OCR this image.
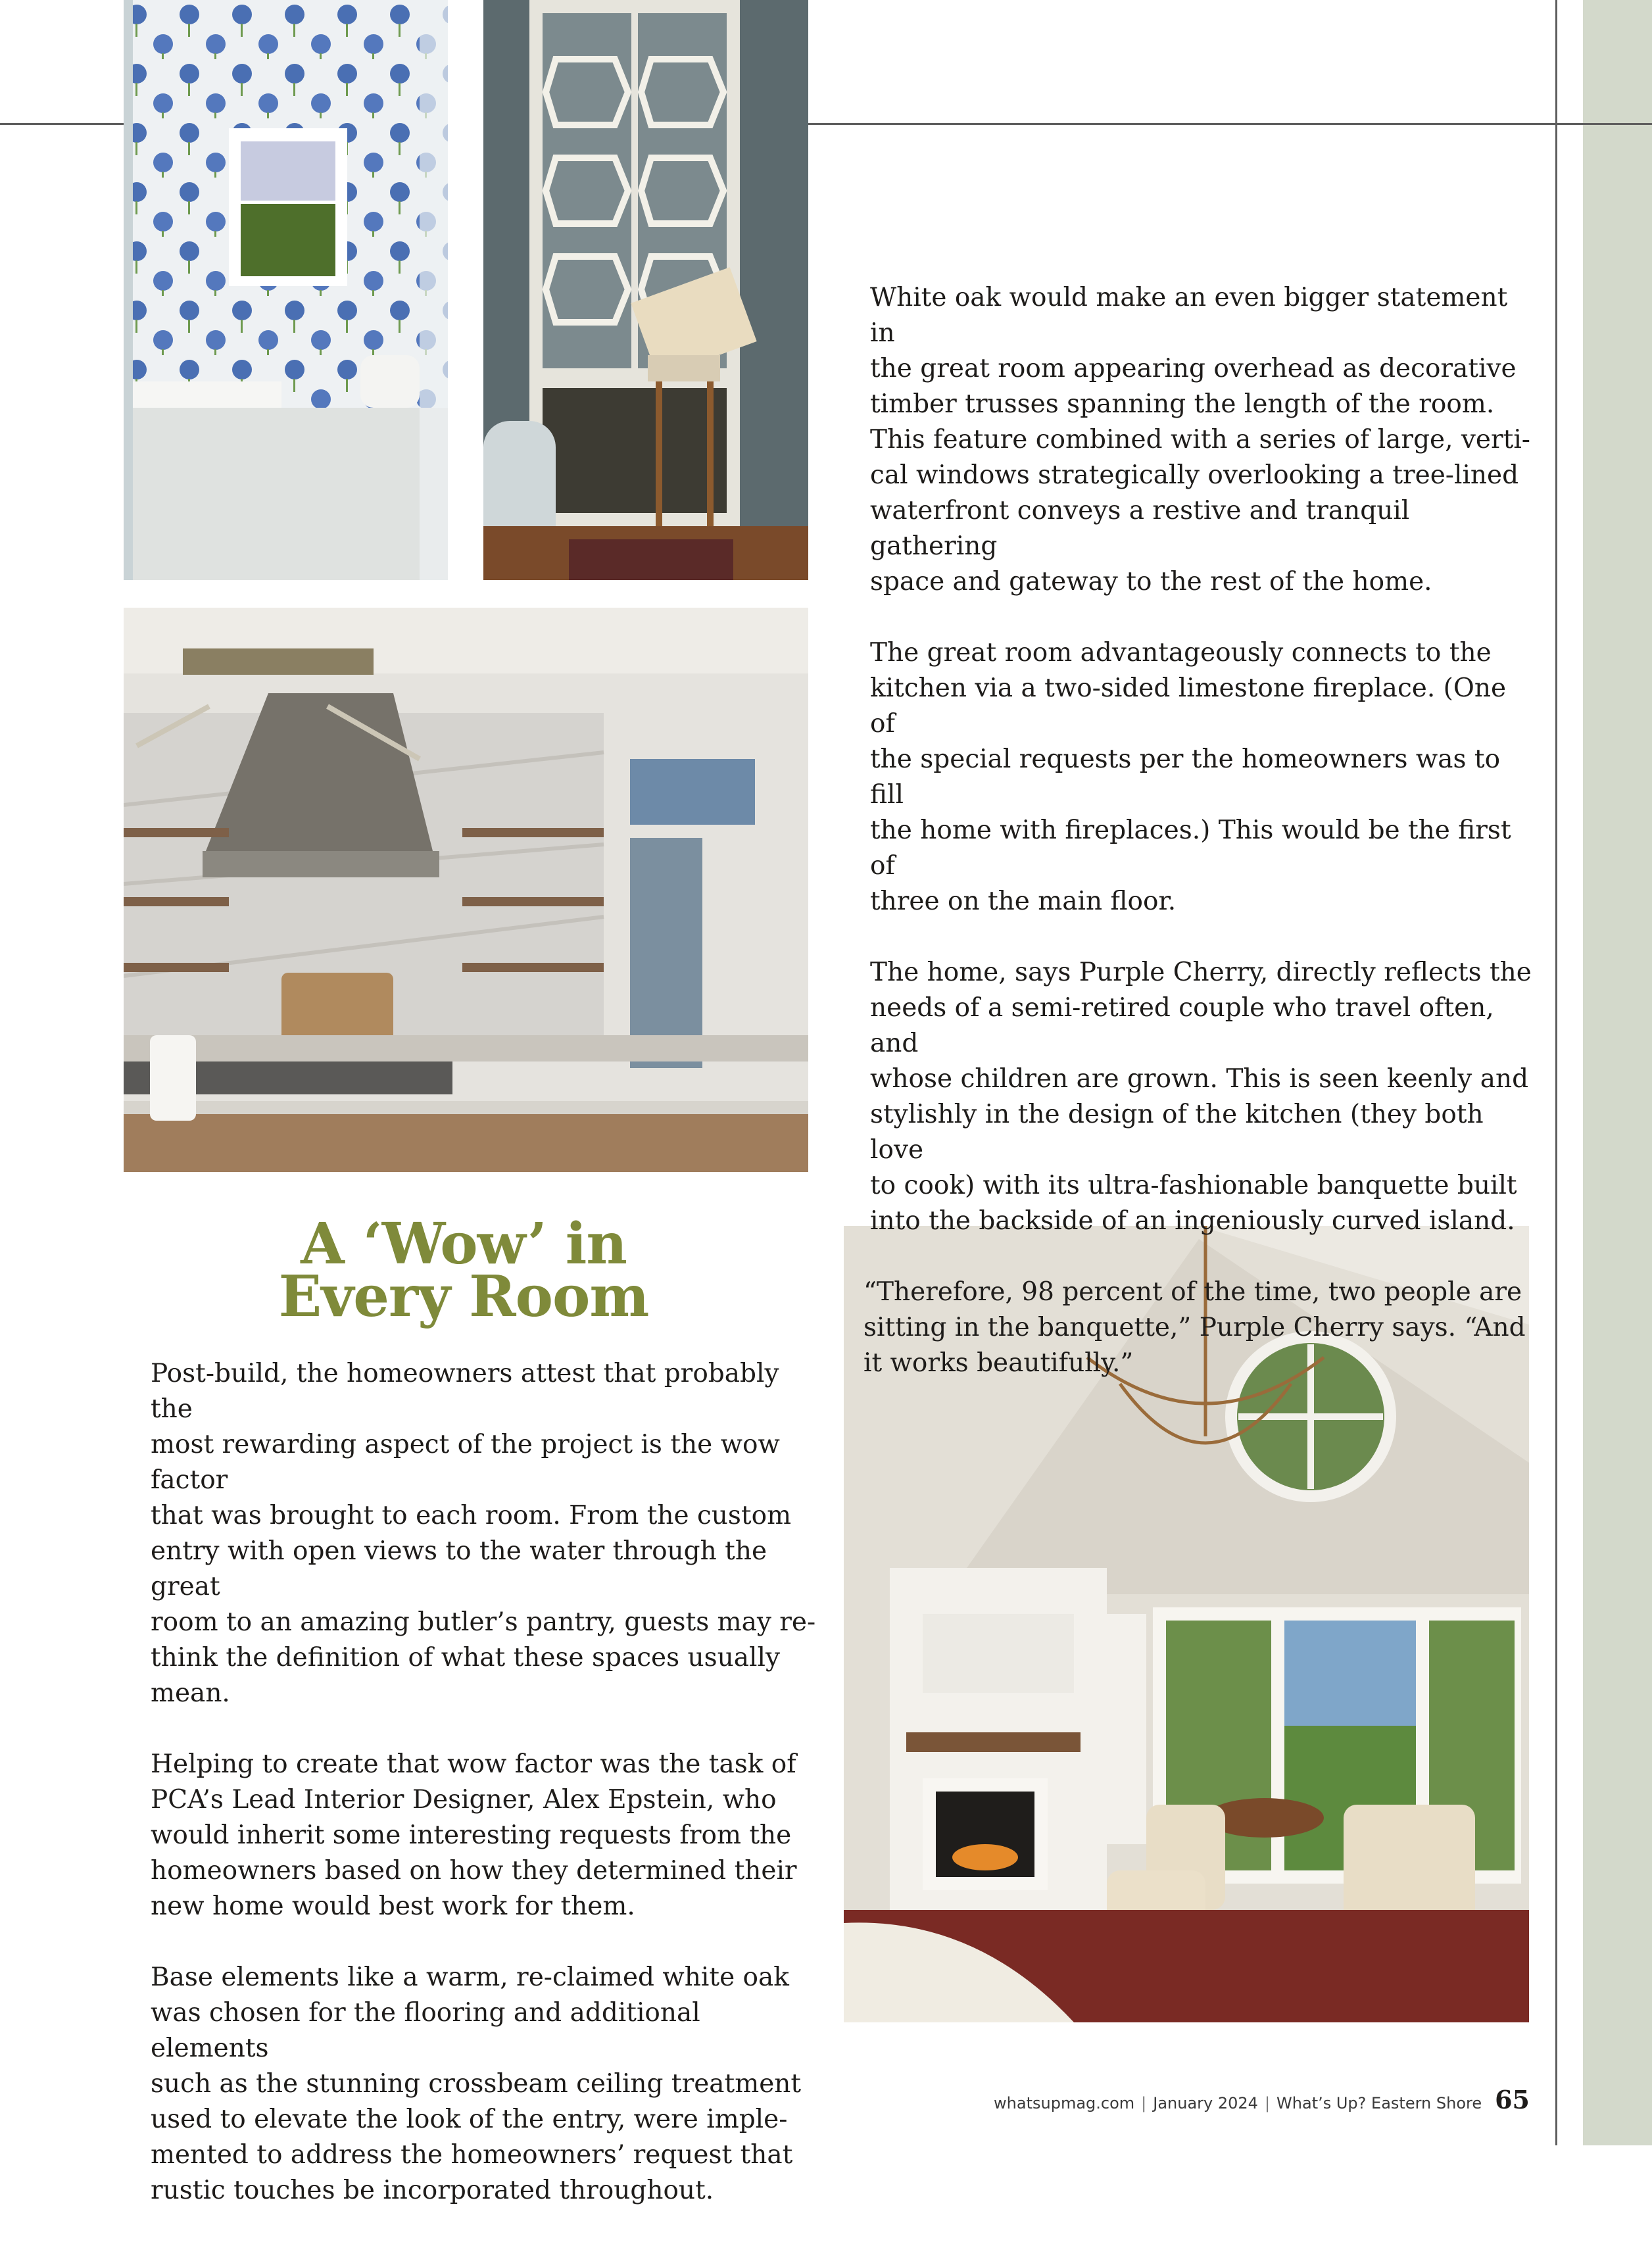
White oak would make an even bigger statement in
the great room appearing overhead as decorative
timber trusses spanning the length of the room.
This feature combined with a series of large, verti-
cal windows strategically overlooking a tree-lined
waterfront conveys a restive and tranquil gathering
space and gateway to the rest of the home.

The great room advantageously connects to the
kitchen via a two-sided limestone fireplace. (One of
the special requests per the homeowners was to fill
the home with fireplaces.) This would be the first of
three on the main floor.

The home, says Purple Cherry, directly reflects the
needs of a semi-retired couple who travel often, and
whose children are grown. This is seen keenly and
stylishly in the design of the kitchen (they both love
to cook) with its ultra-fashionable banquette built
into the backside of an ingeniously curved island.

“Therefore, 98 percent of the time, two people are
sitting in the banquette,” Purple Cherry says. “And
it works beautifully.”

A ‘Wow’ in
Every Room

Post-build, the homeowners attest that probably the
most rewarding aspect of the project is the wow factor
that was brought to each room. From the custom
entry with open views to the water through the great
room to an amazing butler’s pantry, guests may re-
think the definition of what these spaces usually mean.

Helping to create that wow factor was the task of
PCA’s Lead Interior Designer, Alex Epstein, who
would inherit some interesting requests from the
homeowners based on how they determined their
new home would best work for them.

Base elements like a warm, re-claimed white oak
was chosen for the flooring and additional elements
such as the stunning crossbeam ceiling treatment
used to elevate the look of the entry, were imple-
mented to address the homeowners’ request that
rustic touches be incorporated throughout.

whatsupmag.com | January 2024 | What’s Up? Eastern Shore 65
